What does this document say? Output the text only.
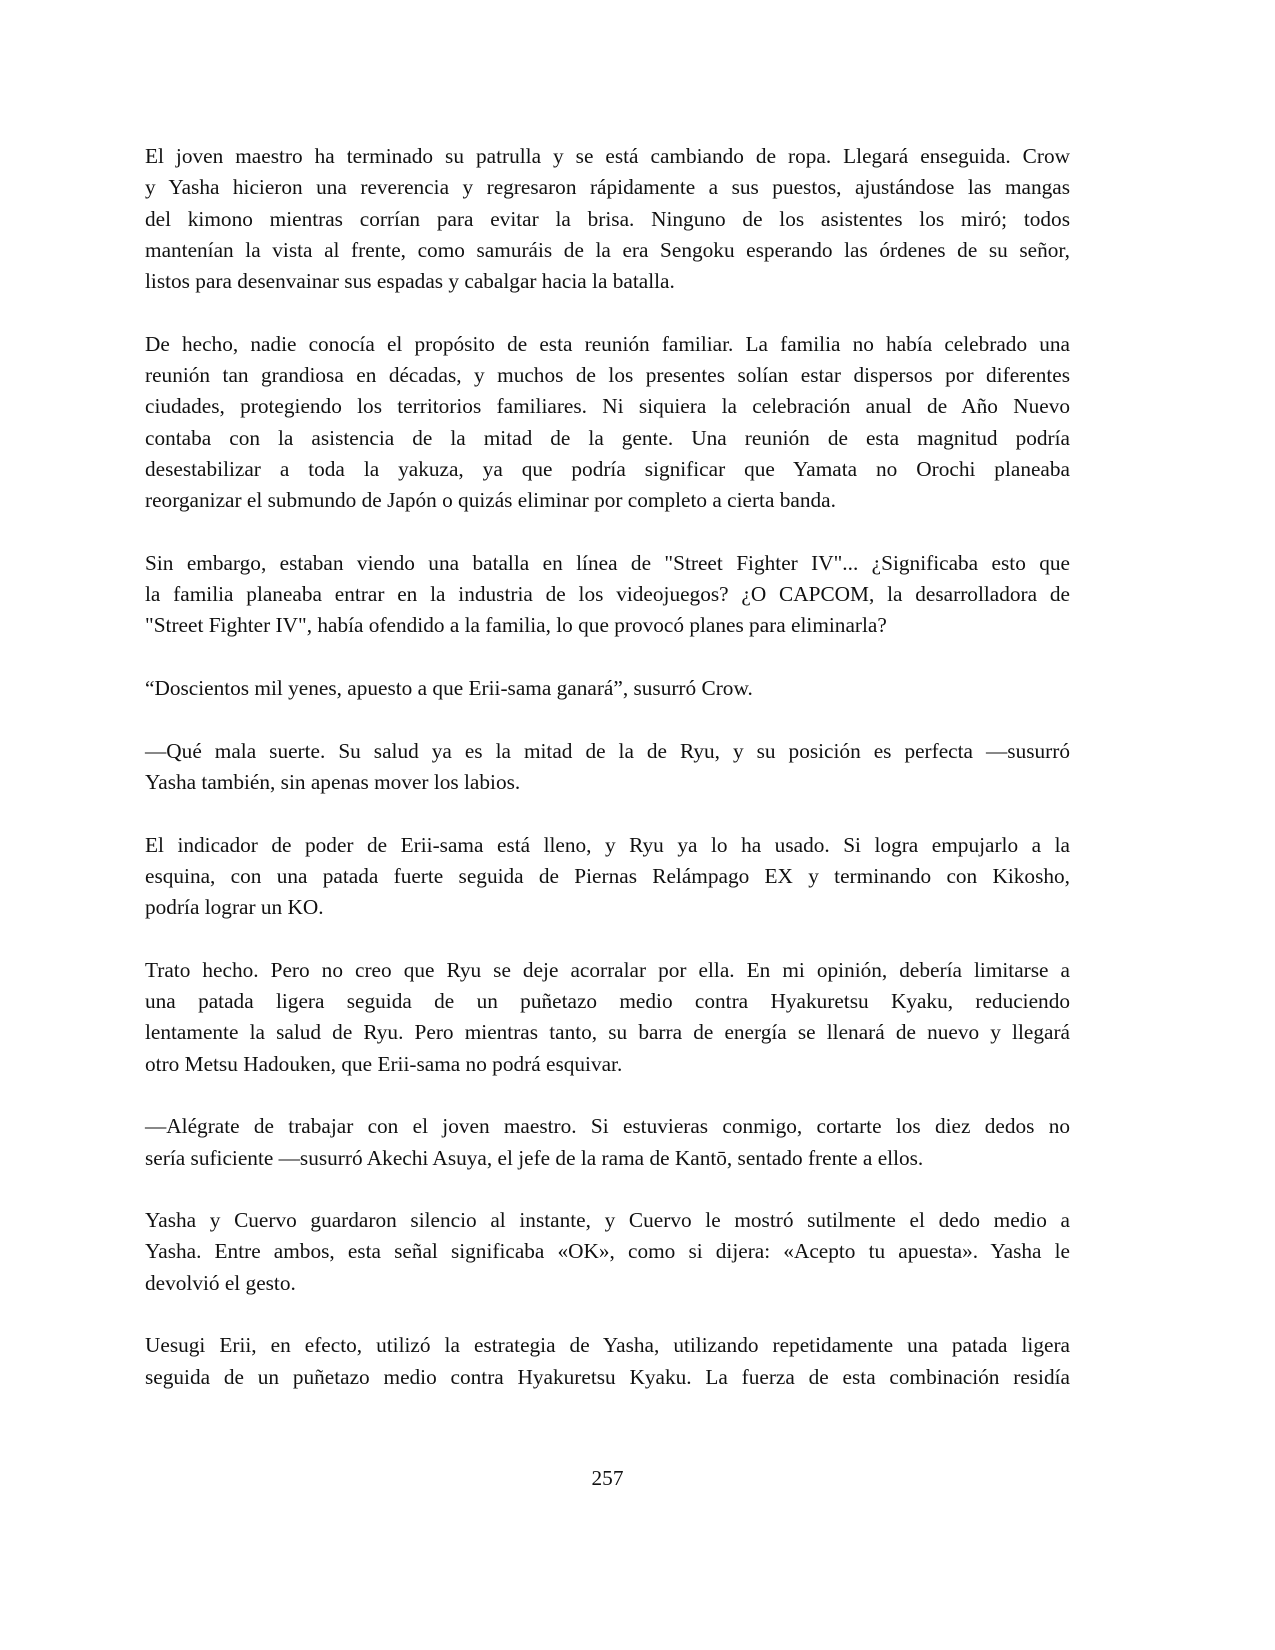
El joven maestro ha terminado su patrulla y se está cambiando de ropa. Llegará enseguida. Crow
y Yasha hicieron una reverencia y regresaron rápidamente a sus puestos, ajustándose las mangas
del kimono mientras corrían para evitar la brisa. Ninguno de los asistentes los miró; todos
mantenían la vista al frente, como samuráis de la era Sengoku esperando las órdenes de su señor,
listos para desenvainar sus espadas y cabalgar hacia la batalla.
De hecho, nadie conocía el propósito de esta reunión familiar. La familia no había celebrado una
reunión tan grandiosa en décadas, y muchos de los presentes solían estar dispersos por diferentes
ciudades, protegiendo los territorios familiares. Ni siquiera la celebración anual de Año Nuevo
contaba con la asistencia de la mitad de la gente. Una reunión de esta magnitud podría
desestabilizar a toda la yakuza, ya que podría significar que Yamata no Orochi planeaba
reorganizar el submundo de Japón o quizás eliminar por completo a cierta banda.
Sin embargo, estaban viendo una batalla en línea de "Street Fighter IV"... ¿Significaba esto que
la familia planeaba entrar en la industria de los videojuegos? ¿O CAPCOM, la desarrolladora de
"Street Fighter IV", había ofendido a la familia, lo que provocó planes para eliminarla?
“Doscientos mil yenes, apuesto a que Erii-sama ganará”, susurró Crow.
—Qué mala suerte. Su salud ya es la mitad de la de Ryu, y su posición es perfecta —susurró
Yasha también, sin apenas mover los labios.
El indicador de poder de Erii-sama está lleno, y Ryu ya lo ha usado. Si logra empujarlo a la
esquina, con una patada fuerte seguida de Piernas Relámpago EX y terminando con Kikosho,
podría lograr un KO.
Trato hecho. Pero no creo que Ryu se deje acorralar por ella. En mi opinión, debería limitarse a
una patada ligera seguida de un puñetazo medio contra Hyakuretsu Kyaku, reduciendo
lentamente la salud de Ryu. Pero mientras tanto, su barra de energía se llenará de nuevo y llegará
otro Metsu Hadouken, que Erii-sama no podrá esquivar.
—Alégrate de trabajar con el joven maestro. Si estuvieras conmigo, cortarte los diez dedos no
sería suficiente —susurró Akechi Asuya, el jefe de la rama de Kantō, sentado frente a ellos.
Yasha y Cuervo guardaron silencio al instante, y Cuervo le mostró sutilmente el dedo medio a
Yasha. Entre ambos, esta señal significaba «OK», como si dijera: «Acepto tu apuesta». Yasha le
devolvió el gesto.
Uesugi Erii, en efecto, utilizó la estrategia de Yasha, utilizando repetidamente una patada ligera
seguida de un puñetazo medio contra Hyakuretsu Kyaku. La fuerza de esta combinación residía
257
